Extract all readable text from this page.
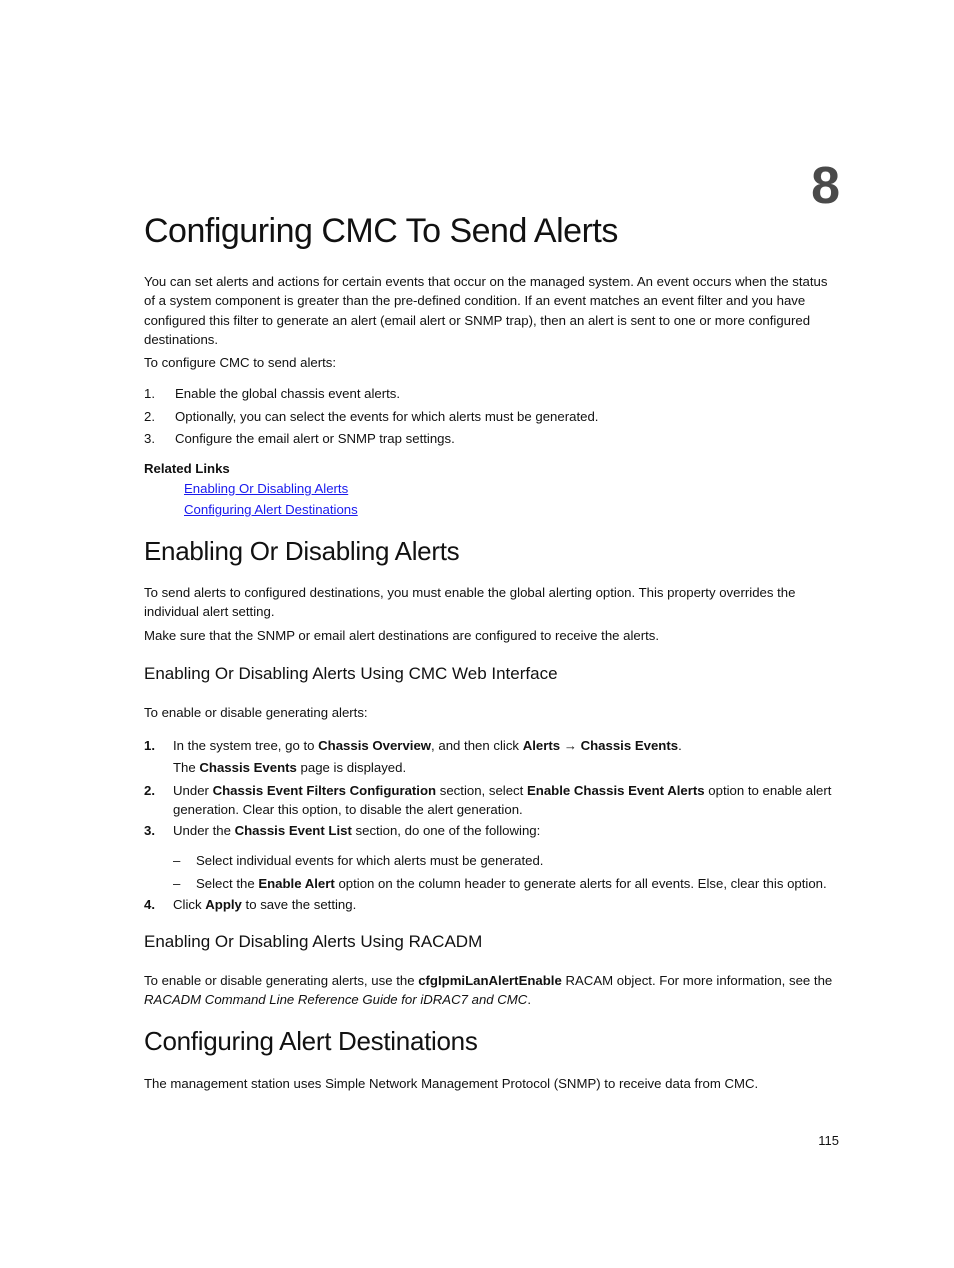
8
Configuring CMC To Send Alerts

You can set alerts and actions for certain events that occur on the managed system. An event occurs when the status of a system component is greater than the pre-defined condition. If an event matches an event filter and you have configured this filter to generate an alert (email alert or SNMP trap), then an alert is sent to one or more configured destinations.

To configure CMC to send alerts:

1. Enable the global chassis event alerts.
2. Optionally, you can select the events for which alerts must be generated.
3. Configure the email alert or SNMP trap settings.
Related Links
Enabling Or Disabling Alerts
Configuring Alert Destinations
Enabling Or Disabling Alerts

To send alerts to configured destinations, you must enable the global alerting option. This property overrides the individual alert setting.

Make sure that the SNMP or email alert destinations are configured to receive the alerts.

Enabling Or Disabling Alerts Using CMC Web Interface

To enable or disable generating alerts:

1. In the system tree, go to Chassis Overview, and then click Alerts → Chassis Events.
The Chassis Events page is displayed.
2. Under Chassis Event Filters Configuration section, select Enable Chassis Event Alerts option to enable alert generation. Clear this option, to disable the alert generation.
3. Under the Chassis Event List section, do one of the following:
– Select individual events for which alerts must be generated.
– Select the Enable Alert option on the column header to generate alerts for all events. Else, clear this option.
4. Click Apply to save the setting.
Enabling Or Disabling Alerts Using RACADM

To enable or disable generating alerts, use the cfgIpmiLanAlertEnable RACAM object. For more information, see the RACADM Command Line Reference Guide for iDRAC7 and CMC.

Configuring Alert Destinations

The management station uses Simple Network Management Protocol (SNMP) to receive data from CMC.

115
